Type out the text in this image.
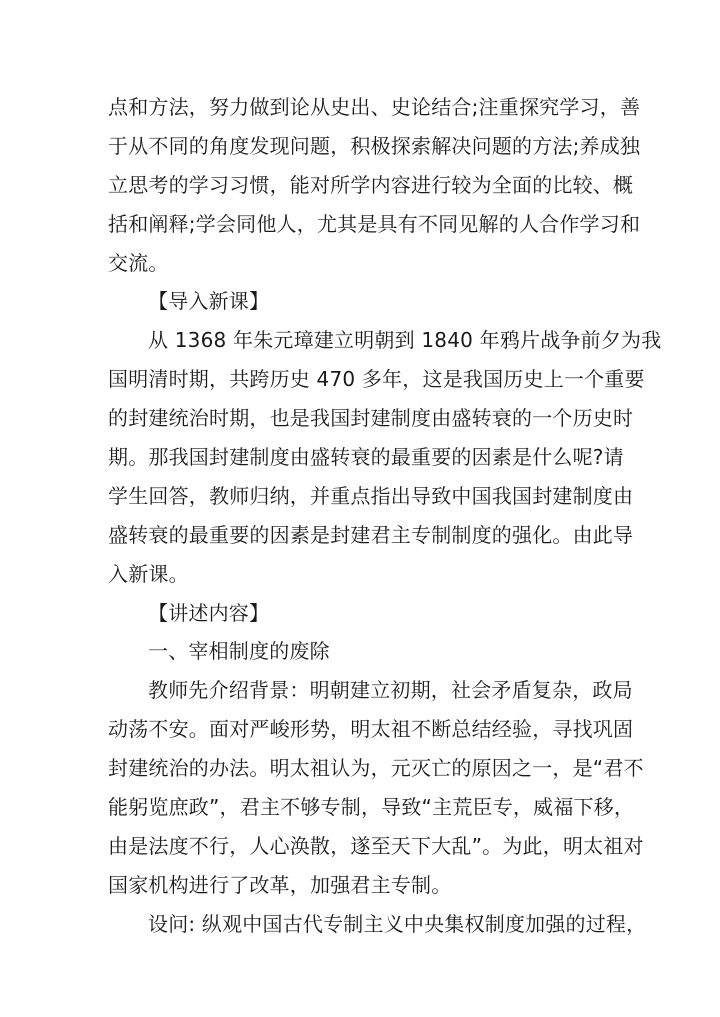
点和方法，努力做到论从史出、史论结合;注重探究学习，善
于从不同的角度发现问题，积极探索解决问题的方法;养成独
立思考的学习习惯，能对所学内容进行较为全面的比较、概
括和阐释;学会同他人，尤其是具有不同见解的人合作学习和
交流。
【导入新课】
从 1368 年朱元璋建立明朝到 1840 年鸦片战争前夕为我
国明清时期，共跨历史 470 多年，这是我国历史上一个重要
的封建统治时期，也是我国封建制度由盛转衰的一个历史时
期。那我国封建制度由盛转衰的最重要的因素是什么呢?请
学生回答，教师归纳，并重点指出导致中国我国封建制度由
盛转衰的最重要的因素是封建君主专制制度的强化。由此导
入新课。
【讲述内容】
一、宰相制度的废除
教师先介绍背景：明朝建立初期，社会矛盾复杂，政局
动荡不安。面对严峻形势，明太祖不断总结经验，寻找巩固
封建统治的办法。明太祖认为，元灭亡的原因之一，是“君不
能躬览庶政”，君主不够专制，导致“主荒臣专，威福下移，
由是法度不行，人心涣散，遂至天下大乱”。为此，明太祖对
国家机构进行了改革，加强君主专制。
设问: 纵观中国古代专制主义中央集权制度加强的过程，
